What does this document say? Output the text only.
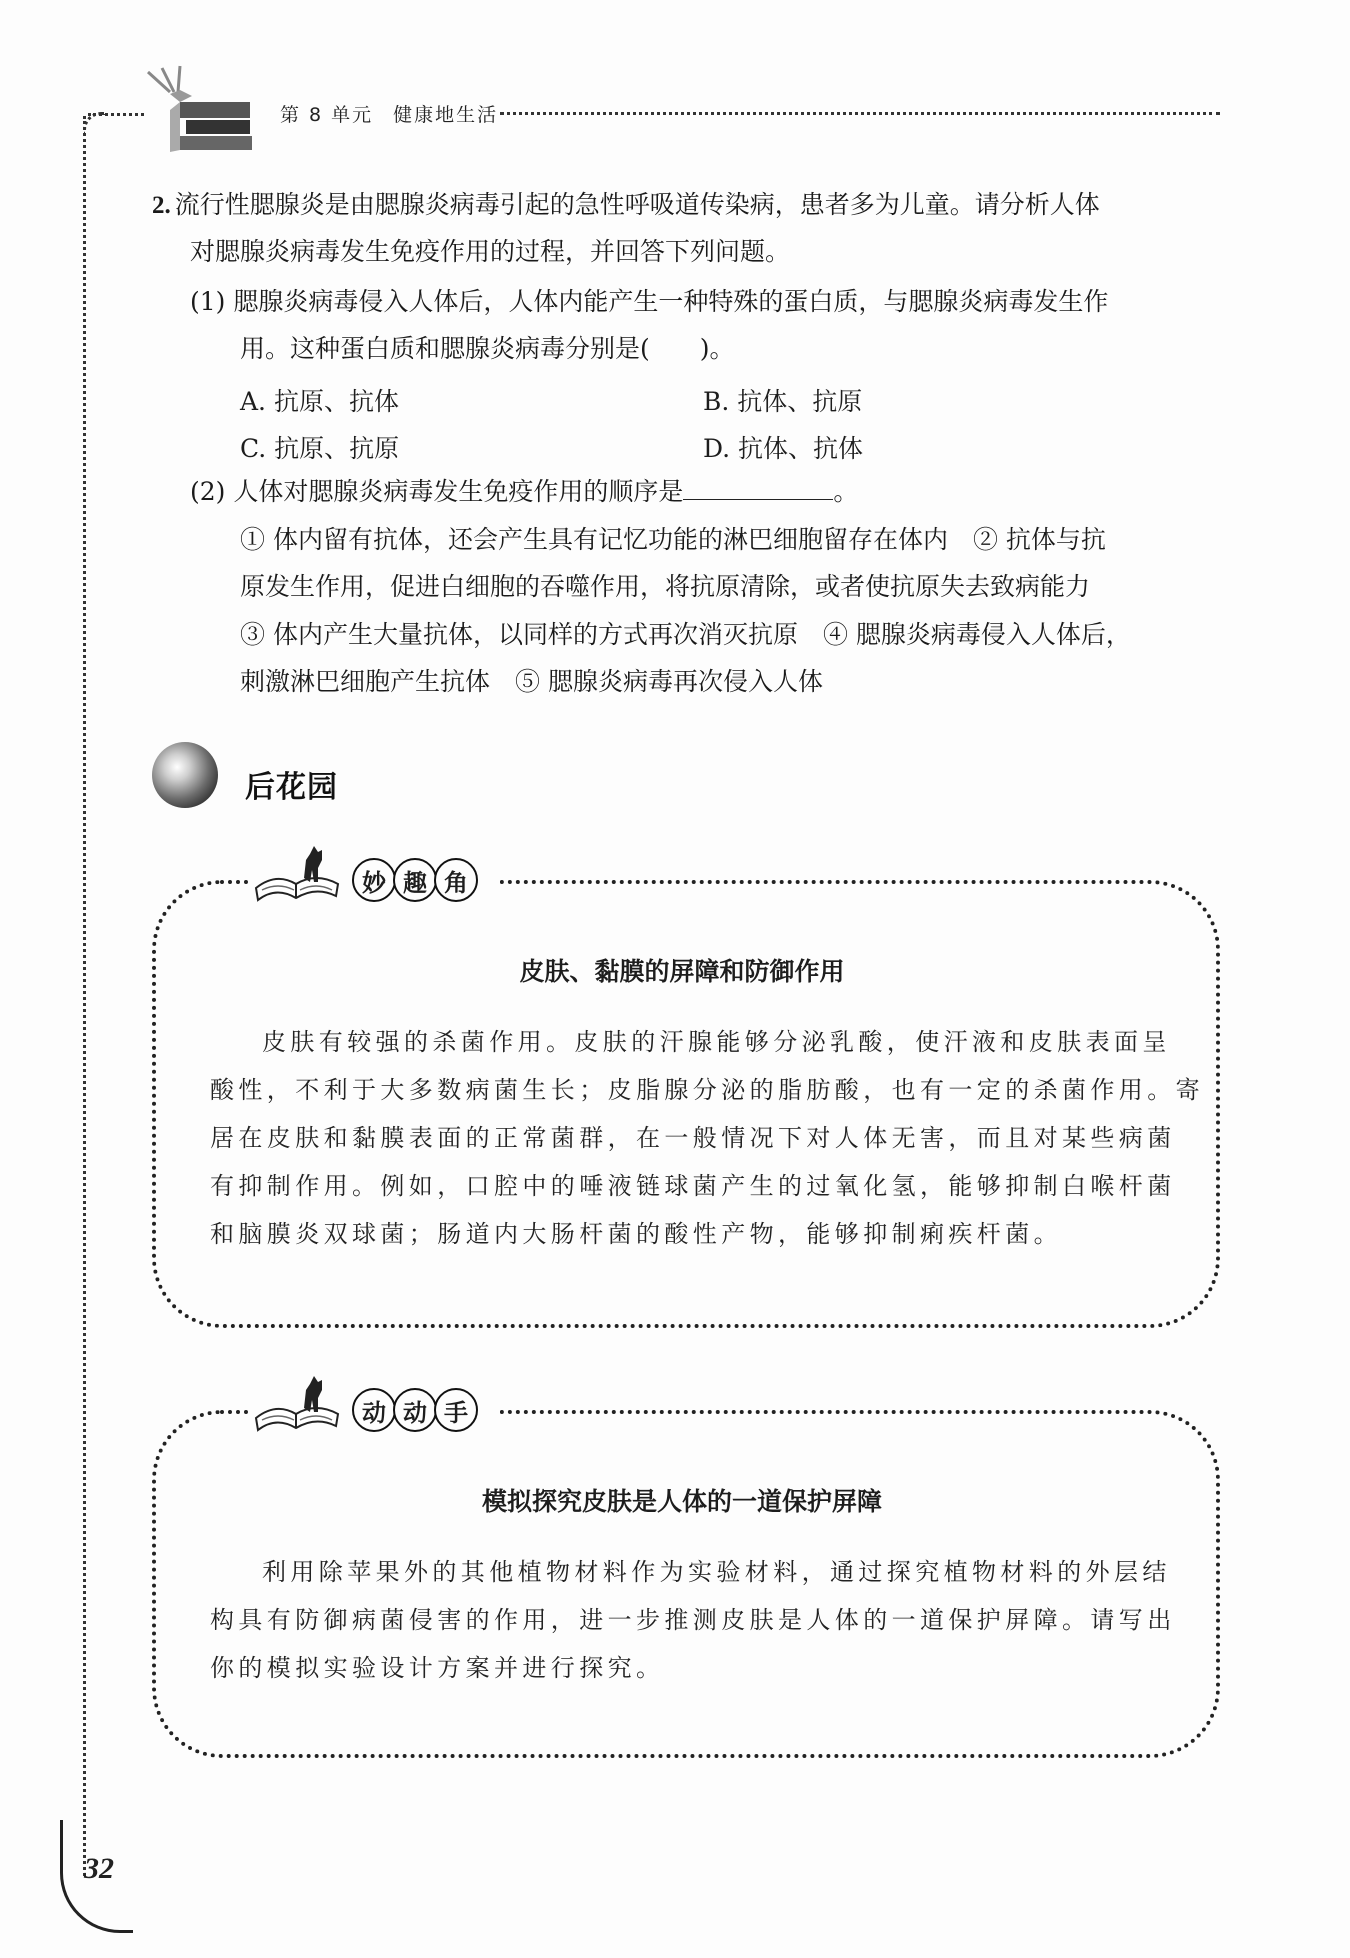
第 8 单元 健康地生活
2. 流行性腮腺炎是由腮腺炎病毒引起的急性呼吸道传染病，患者多为儿童。请分析人体
对腮腺炎病毒发生免疫作用的过程，并回答下列问题。
(1) 腮腺炎病毒侵入人体后，人体内能产生一种特殊的蛋白质，与腮腺炎病毒发生作
用。这种蛋白质和腮腺炎病毒分别是(　　)。
A. 抗原、抗体	B. 抗体、抗原
C. 抗原、抗原	D. 抗体、抗体
(2) 人体对腮腺炎病毒发生免疫作用的顺序是	。
① 体内留有抗体，还会产生具有记忆功能的淋巴细胞留存在体内　② 抗体与抗
原发生作用，促进白细胞的吞噬作用，将抗原清除，或者使抗原失去致病能力
③ 体内产生大量抗体，以同样的方式再次消灭抗原　④ 腮腺炎病毒侵入人体后，
刺激淋巴细胞产生抗体　⑤ 腮腺炎病毒再次侵入人体
后花园
妙 趣 角
皮肤、黏膜的屏障和防御作用
皮肤有较强的杀菌作用。皮肤的汗腺能够分泌乳酸，使汗液和皮肤表面呈
酸性，不利于大多数病菌生长；皮脂腺分泌的脂肪酸，也有一定的杀菌作用。寄
居在皮肤和黏膜表面的正常菌群，在一般情况下对人体无害，而且对某些病菌
有抑制作用。例如，口腔中的唾液链球菌产生的过氧化氢，能够抑制白喉杆菌
和脑膜炎双球菌；肠道内大肠杆菌的酸性产物，能够抑制痢疾杆菌。
动 动 手
模拟探究皮肤是人体的一道保护屏障
利用除苹果外的其他植物材料作为实验材料，通过探究植物材料的外层结
构具有防御病菌侵害的作用，进一步推测皮肤是人体的一道保护屏障。请写出
你的模拟实验设计方案并进行探究。
32
